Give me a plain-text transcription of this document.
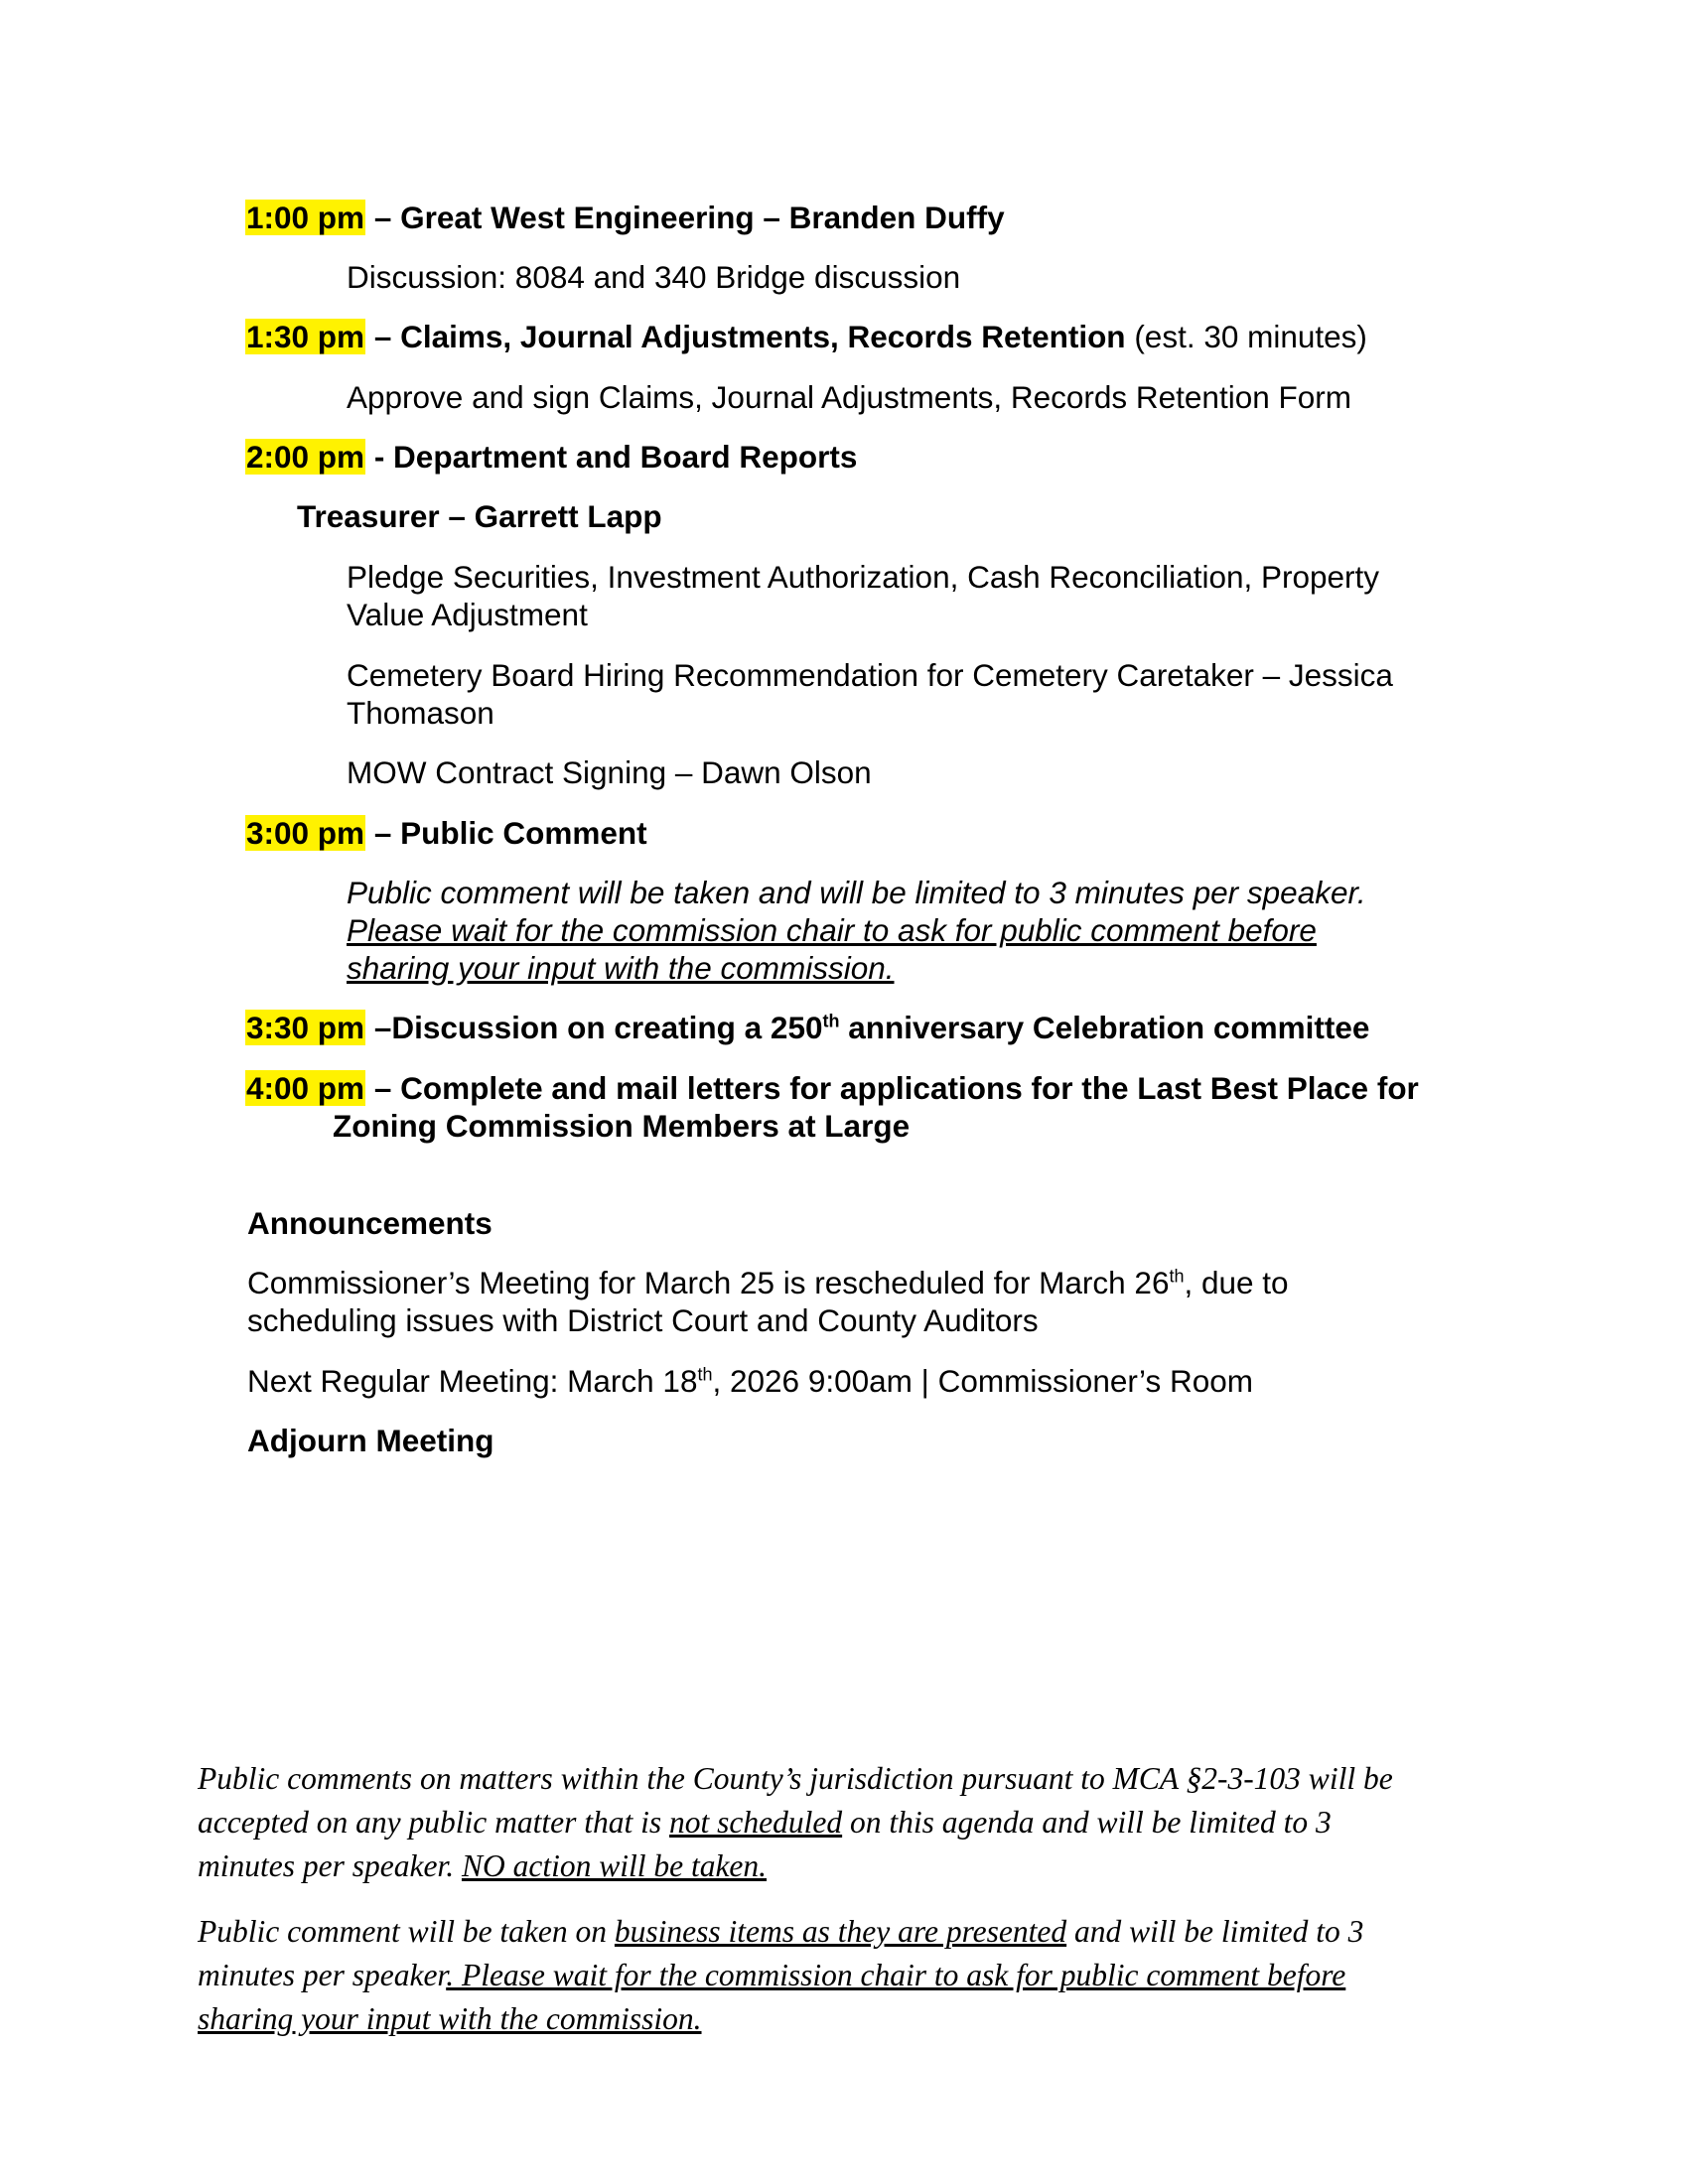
1:00 pm – Great West Engineering – Branden Duffy
Discussion: 8084 and 340 Bridge discussion
1:30 pm – Claims, Journal Adjustments, Records Retention (est. 30 minutes)
Approve and sign Claims, Journal Adjustments, Records Retention Form
2:00 pm - Department and Board Reports
Treasurer – Garrett Lapp
Pledge Securities, Investment Authorization, Cash Reconciliation, Property
Value Adjustment
Cemetery Board Hiring Recommendation for Cemetery Caretaker – Jessica
Thomason
MOW Contract Signing – Dawn Olson
3:00 pm – Public Comment
Public comment will be taken and will be limited to 3 minutes per speaker.
Please wait for the commission chair to ask for public comment before
sharing your input with the commission.
3:30 pm –Discussion on creating a 250th anniversary Celebration committee
4:00 pm – Complete and mail letters for applications for the Last Best Place for
Zoning Commission Members at Large
Announcements
Commissioner’s Meeting for March 25 is rescheduled for March 26th, due to
scheduling issues with District Court and County Auditors
Next Regular Meeting: March 18th, 2026 9:00am | Commissioner’s Room
Adjourn Meeting
Public comments on matters within the County’s jurisdiction pursuant to MCA §2-3-103 will be
accepted on any public matter that is not scheduled on this agenda and will be limited to 3
minutes per speaker. NO action will be taken.
Public comment will be taken on business items as they are presented and will be limited to 3
minutes per speaker. Please wait for the commission chair to ask for public comment before
sharing your input with the commission.
